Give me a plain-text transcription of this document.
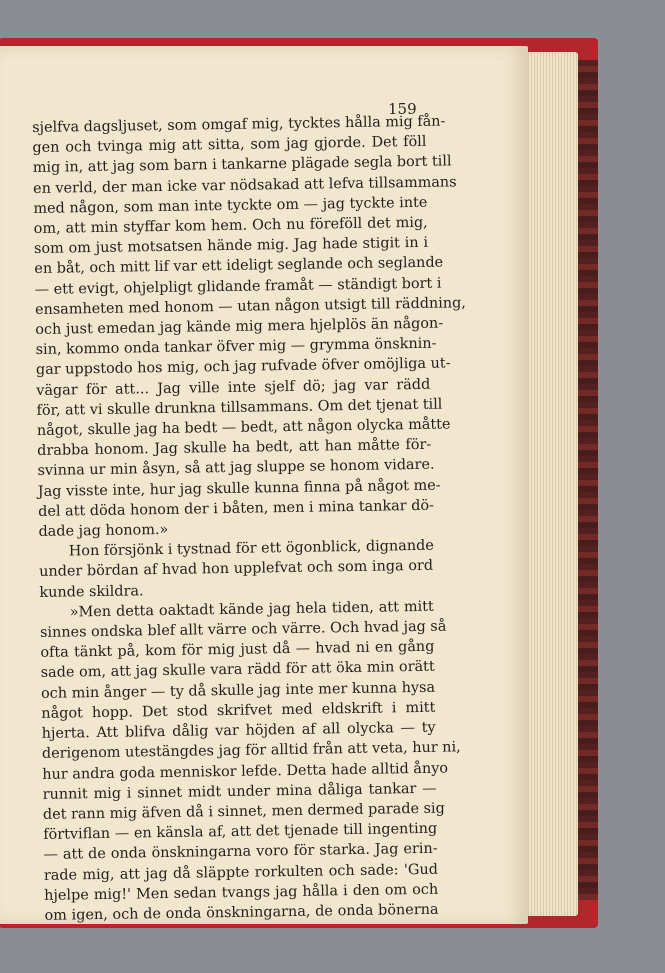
159
sjelfva dagsljuset, som omgaf mig, tycktes hålla mig fån-
gen och tvinga mig att sitta, som jag gjorde. Det föll
mig in, att jag som barn i tankarne plägade segla bort till
en verld, der man icke var nödsakad att lefva tillsammans
med någon, som man inte tyckte om — jag tyckte inte
om, att min styffar kom hem. Och nu föreföll det mig,
som om just motsatsen hände mig. Jag hade stigit in i
en båt, och mitt lif var ett ideligt seglande och seglande
— ett evigt, ohjelpligt glidande framåt — ständigt bort i
ensamheten med honom — utan någon utsigt till räddning,
och just emedan jag kände mig mera hjelplös än någon-
sin, kommo onda tankar öfver mig — grymma önsknin-
gar uppstodo hos mig, och jag rufvade öfver omöjliga ut-
vägar för att... Jag ville inte sjelf dö; jag var rädd
för, att vi skulle drunkna tillsammans. Om det tjenat till
något, skulle jag ha bedt — bedt, att någon olycka måtte
drabba honom. Jag skulle ha bedt, att han måtte för-
svinna ur min åsyn, så att jag sluppe se honom vidare.
Jag visste inte, hur jag skulle kunna finna på något me-
del att döda honom der i båten, men i mina tankar dö-
dade jag honom.»
Hon försjönk i tystnad för ett ögonblick, dignande
under bördan af hvad hon upplefvat och som inga ord
kunde skildra.
»Men detta oaktadt kände jag hela tiden, att mitt
sinnes ondska blef allt värre och värre. Och hvad jag så
ofta tänkt på, kom för mig just då — hvad ni en gång
sade om, att jag skulle vara rädd för att öka min orätt
och min ånger — ty då skulle jag inte mer kunna hysa
något hopp. Det stod skrifvet med eldskrift i mitt
hjerta. Att blifva dålig var höjden af all olycka — ty
derigenom utestängdes jag för alltid från att veta, hur ni,
hur andra goda menniskor lefde. Detta hade alltid ånyo
runnit mig i sinnet midt under mina dåliga tankar —
det rann mig äfven då i sinnet, men dermed parade sig
förtviflan — en känsla af, att det tjenade till ingenting
— att de onda önskningarna voro för starka. Jag erin-
rade mig, att jag då släppte rorkulten och sade: 'Gud
hjelpe mig!' Men sedan tvangs jag hålla i den om och
om igen, och de onda önskningarna, de onda bönerna
